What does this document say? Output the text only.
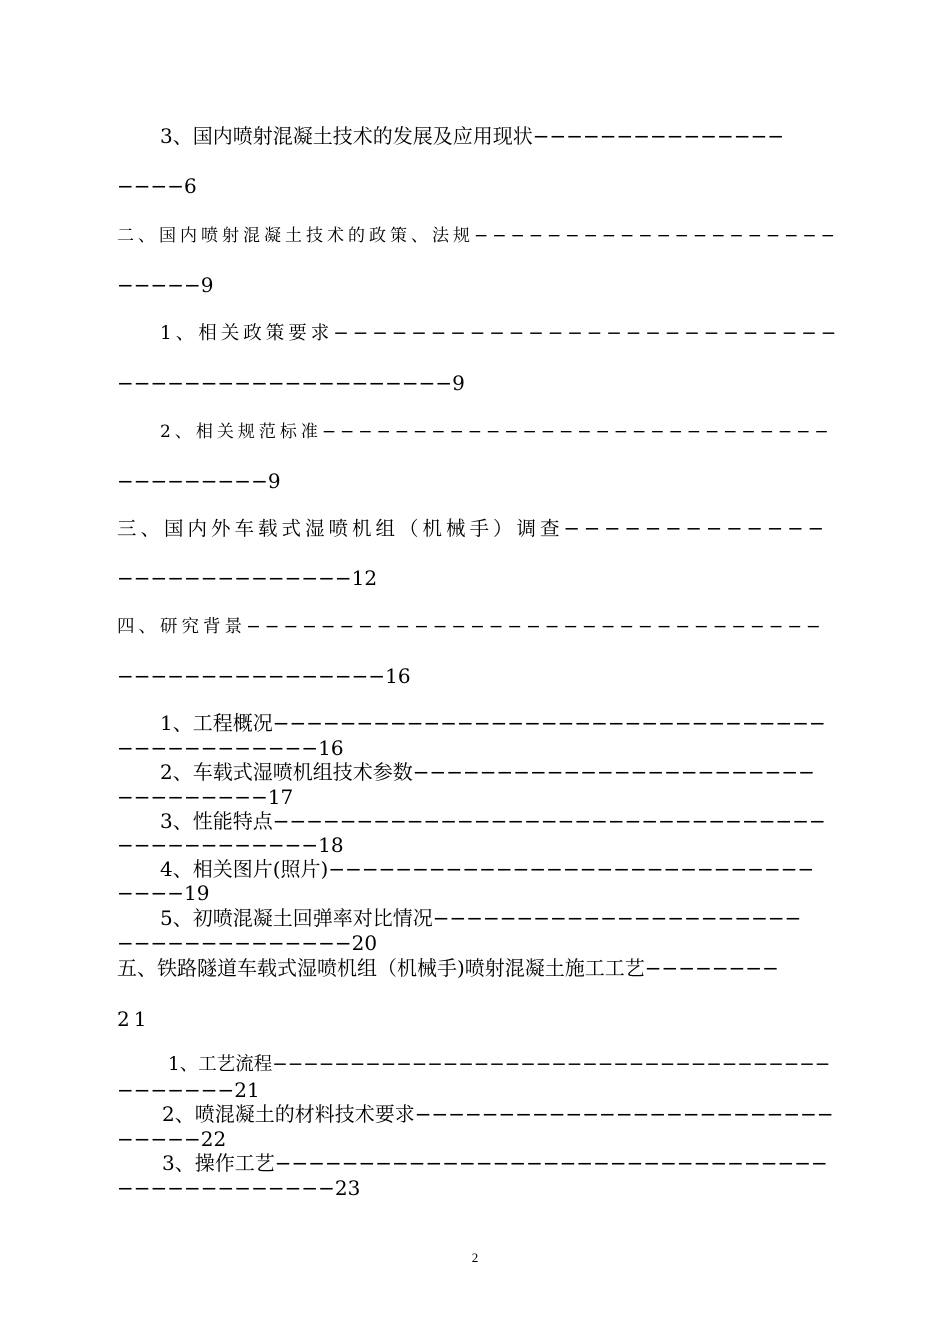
3、国内喷射混凝土技术的发展及应用现状−−−−−−−−−−−−−−−
−−−−6
二、国内喷射混凝土技术的政策、法规−−−−−−−−−−−−−−−−−−−−
−−−−−9
1、相关政策要求−−−−−−−−−−−−−−−−−−−−−−−−−−
−−−−−−−−−−−−−−−−−−−−9
2、相关规范标准−−−−−−−−−−−−−−−−−−−−−−−−−−−−
−−−−−−−−−9
三、国内外车载式湿喷机组（机械手）调查−−−−−−−−−−−−−
−−−−−−−−−−−−−−12
四、研究背景−−−−−−−−−−−−−−−−−−−−−−−−−−−−−−−
−−−−−−−−−−−−−−−−16
1、工程概况−−−−−−−−−−−−−−−−−−−−−−−−−−−−−−−−−
−−−−−−−−−−−−16
2、车载式湿喷机组技术参数−−−−−−−−−−−−−−−−−−−−−−−−
−−−−−−−−−17
3、性能特点−−−−−−−−−−−−−−−−−−−−−−−−−−−−−−−−−
−−−−−−−−−−−−18
4、相关图片(照片)−−−−−−−−−−−−−−−−−−−−−−−−−−−−−
−−−−19
5、初喷混凝土回弹率对比情况−−−−−−−−−−−−−−−−−−−−−−
−−−−−−−−−−−−−−20
五、铁路隧道车载式湿喷机组（机械手)喷射混凝土施工工艺−−−−−−−−
21
1、工艺流程−−−−−−−−−−−−−−−−−−−−−−−−−−−−−−−−−−−−
−−−−−−−21
2、喷混凝土的材料技术要求−−−−−−−−−−−−−−−−−−−−−−−−−
−−−−−22
3、操作工艺−−−−−−−−−−−−−−−−−−−−−−−−−−−−−−−−−
−−−−−−−−−−−−−23
2
